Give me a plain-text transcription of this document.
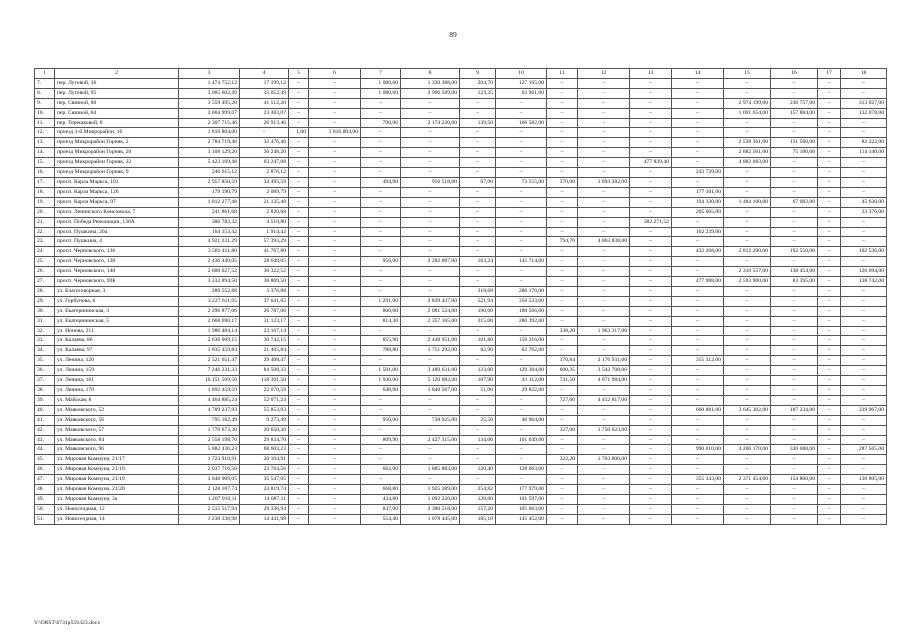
89
1	2	3	4	5	6	7	8	9	10	11	12	13	14	15	16	17	18
7.	пер. Луговой, 36	1 474 752,12	17 199,12	–	–	1 080,60	1 330 388,00	204,70	127 165,00	–	–	–	–	–	–	–	–
8.	пер. Луговой, 95	3 005 602,49	35 052,49	–	–	1 080,60	2 906 589,00	123,35	63 961,00	–	–	–	–	–	–	–	–
9.	пер. Связной, 80	3 559 495,20	41 512,20	–	–	–	–	–	–	–	–	–	–	2 974 199,00	230 757,00	–	313 027,00
10.	пер. Связной, 84	2 004 999,07	23 383,07	–	–	–	–	–	–	–	–	–	–	1 691 654,00	157 884,00	–	132 078,00
11.	пер. Терешковой, 8	2 307 715,46	26 913,46	–	–	790,96	2 174 220,00	139,50	106 582,00	–	–	–	–	–	–	–	–
12.	проезд 3-й Микрорайон, 16	1 816 804,00	–	1,00	1 816 804,00	–	–	–	–	–	–	–	–	–	–	–	–
13.	проезд Микрорайон Горняк, 2	2 784 719,46	32 476,46	–	–	–	–	–	–	–	–	–	–	2 538 361,00	131 560,00	–	82 322,00
14.	проезд Микрорайон Горняк, 20	3 108 129,20	36 248,20	–	–	–	–	–	–	–	–	–	–	2 882 561,00	75 180,00	–	114 140,00
15.	проезд Микрорайон Горняк, 22	5 423 169,48	63 247,08	–	–	–	–	–	–	–	–	477 839,40	–	4 882 083,00	–	–	–
16.	проезд Микрорайон Горняк, 9	246 615,12	2 876,12	–	–	–	–	–	–	–	–	–	243 739,00	–	–	–	–
17.	просп. Карла Маркса, 103	2 957 850,59	34 495,59	–	–	494,00	956 518,00	67,00	73 555,00	370,00	1 893 282,00	–	–	–	–	–	–
18.	просп. Карла Маркса, 126	179 190,79	2 089,79	–	–	–	–	–	–	–	–	–	177 101,00	–	–	–	–
19.	просп. Карла Маркса, 97	1 812 277,48	21 135,48	–	–	–	–	–	–	–	–	–	194 330,00	1 484 100,00	67 082,00	–	45 630,00
20.	просп. Ленинского Комсомола, 7	241 861,68	2 820,68	–	–	–	–	–	–	–	–	–	205 665,00	–	–	–	33 376,00
21.	просп. Победа Революции, 130А	386 782,32	4 510,80	–	–	–	–	–	–	–	–	382 271,52	–	–	–	–	–
22.	просп. Пушкина, 20а	164 153,42	1 914,42	–	–	–	–	–	–	–	–	–	162 239,00	–	–	–	–
23.	просп. Пушкина, 4	4 921 231,29	57 393,29	–	–	–	–	–	–	794,70	4 863 838,00	–	–	–	–	–	–
24.	просп. Черновского, 136	3 581 411,80	41 767,80	–	–	–	–	–	–	–	–	–	432 268,00	2 812 290,00	192 550,00	–	102 536,00
25.	просп. Черновского, 138	2 436 449,05	28 648,05	–	–	956,00	2 282 087,00	163,24	145 714,00	–	–	–	–	–	–	–	–
26.	просп. Черновского, 140	2 600 027,52	30 322,52	–	–	–	–	–	–	–	–	–	–	2 310 557,00	138 454,00	–	120 694,00
27.	просп. Черновского, 99Б	3 332 894,50	38 869,50	–	–	–	–	–	–	–	–	–	477 988,00	2 593 900,00	83 395,00	–	138 742,00
28.	ул. Благоговорная, 3	289 552,88	3 376,88	–	–	–	–	318,68	286 176,00	–	–	–	–	–	–	–	–
29.	ул. Горбунова, 6	3 227 611,65	37 641,65	–	–	1 291,00	2 839 437,00	521,94	350 533,00	–	–	–	–	–	–	–	–
30.	ул. Екатерининская, 3	2 296 877,06	26 787,06	–	–	860,00	2 081 524,00	190,00	188 566,00	–	–	–	–	–	–	–	–
31.	ул. Екатерининская, 5	2 668 690,17	31 123,17	–	–	814,30	2 357 165,00	315,00	280 392,00	–	–	–	–	–	–	–	–
32.	ул. Ионова, 211	1 986 484,14	23 167,14	–	–	–	–	–	–	338,20	1 963 317,00	–	–	–	–	–	–
33.	ул. Калаева, 86	2 636 009,15	30 742,15	–	–	855,90	2 448 951,00	101,80	156 316,00	–	–	–	–	–	–	–	–
34.	ул. Калаева, 97	1 835 459,84	21 405,84	–	–	788,80	1 751 292,00	82,90	62 762,00	–	–	–	–	–	–	–	–
35.	ул. Ленина, 120	2 521 651,47	29 408,47	–	–	–	–	–	–	370,84	2 176 931,00	–	315 312,00	–	–	–	–
36.	ул. Ленина, 159	7 246 231,33	84 508,33	–	–	1 501,00	3 489 631,00	133,00	129 384,00	600,35	3 542 708,00	–	–	–	–	–	–
37.	ул. Ленина, 161	10 151 569,50	118 391,50	–	–	1 930,00	5 120 082,00	107,90	41 112,00	741,50	4 871 984,00	–	–	–	–	–	–
38.	ул. Ленина, 170	1 892 459,59	22 070,59	–	–	648,00	1 840 567,00	51,00	29 822,00	–	–	–	–	–	–	–	–
39.	ул. Майская, 8	4 464 885,24	52 071,24	–	–	–	–	–	–	727,60	4 412 817,00	–	–	–	–	–	–
40.	ул. Маяковского, 52	4 789 237,93	55 853,93	–	–	–	–	–	–	–	–	–	660 881,00	3 645 302,00	187 234,00	–	239 967,00
41.	ул. Маяковского, 56	795 162,49	9 273,49	–	–	950,00	738 925,00	25,50	46 964,00	–	–	–	–	–	–	–	–
42.	ул. Маяковского, 57	1 770 673,30	20 650,30	–	–	–	–	–	–	327,00	1 750 023,00	–	–	–	–	–	–
43.	ул. Маяковского, 84	2 558 198,70	29 834,70	–	–	809,90	2 427 315,00	134,00	101 049,00	–	–	–	–	–	–	–	–
44.	ул. Маяковского, 96	5 882 436,23	68 603,23	–	–	–	–	–	–	–	–	–	990 010,00	4 206 170,00	330 088,00	–	287 565,00
45.	ул. Мировая Коммуна, 21/17	1 723 910,91	20 104,91	–	–	–	–	–	–	322,20	1 703 806,00	–	–	–	–	–	–
46.	ул. Мировая Коммуна, 21/18	2 037 716,56	23 764,56	–	–	662,00	1 885 883,00	120,40	128 063,00	–	–	–	–	–	–	–	–
47.	ул. Мировая Коммуна, 21/19	3 048 009,05	35 547,05	–	–	–	–	–	–	–	–	–	355 343,00	2 371 454,00	154 860,00	–	130 805,00
48.	ул. Мировая Коммуна, 21/20	2 128 187,74	24 819,74	–	–	668,80	1 925 389,00	254,82	177 979,00	–	–	–	–	–	–	–	–
49.	ул. Мировая Коммуна, 3а	1 207 910,11	14 087,11	–	–	434,80	1 092 226,00	128,00	101 597,00	–	–	–	–	–	–	–	–
50.	ул. Новоселдная, 12	2 515 517,94	29 336,94	–	–	837,00	2 380 518,00	157,20	105 663,00	–	–	–	–	–	–	–	–
51.	ул. Новоселдная, 14	1 238 338,98	14 441,98	–	–	554,40	1 078 445,00	185,10	145 452,00	–	–	–	–	–	–	–	–
Y:\ORST\0731p559.f23.docx
